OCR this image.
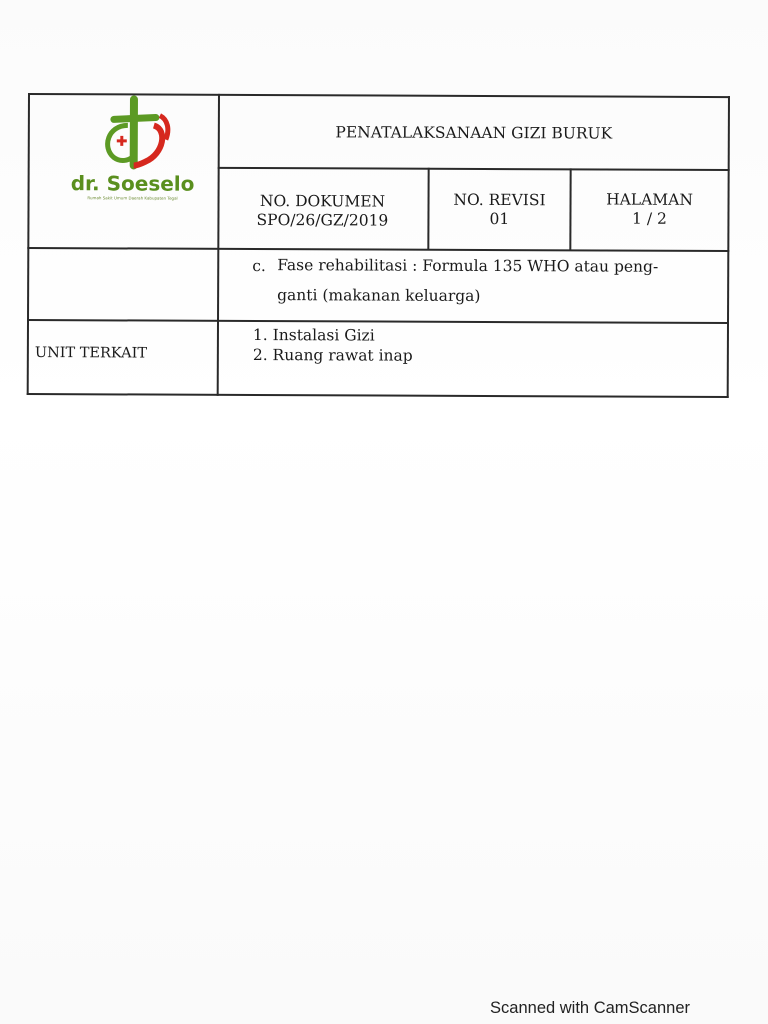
dr. Soeselo
Rumah Sakit Umum Daerah Kabupaten Tegal
PENATALAKSANAAN GIZI BURUK
NO. DOKUMEN
SPO/26/GZ/2019
NO. REVISI
01
HALAMAN
1 / 2
c. Fase rehabilitasi : Formula 135 WHO atau peng-
ganti (makanan keluarga)
UNIT TERKAIT
1. Instalasi Gizi
2. Ruang rawat inap
Scanned with CamScanner
